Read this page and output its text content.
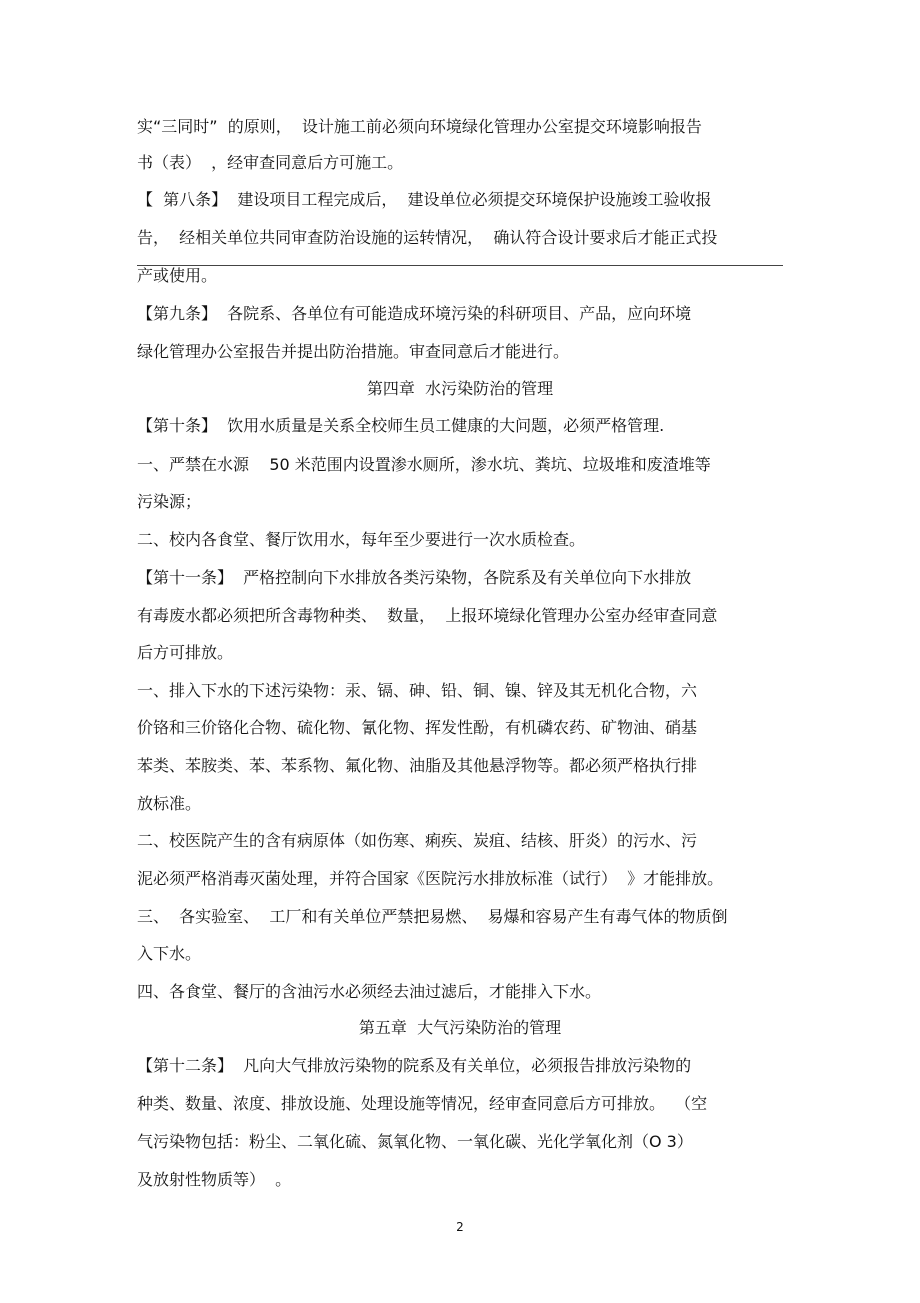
实“三同时”  的原则，  设计施工前必须向环境绿化管理办公室提交环境影响报告

书（表）  ，经审查同意后方可施工。

【  第八条】  建设项目工程完成后，  建设单位必须提交环境保护设施竣工验收报

告，  经相关单位共同审查防治设施的运转情况，  确认符合设计要求后才能正式投

产或使用。

【第九条】  各院系、各单位有可能造成环境污染的科研项目、产品，应向环境

绿化管理办公室报告并提出防治措施。审查同意后才能进行。

第四章  水污染防治的管理

【第十条】  饮用水质量是关系全校师生员工健康的大问题，必须严格管理.

一、严禁在水源    50 米范围内设置渗水厕所，渗水坑、粪坑、垃圾堆和废渣堆等

污染源；

二、校内各食堂、餐厅饮用水，每年至少要进行一次水质检查。

【第十一条】  严格控制向下水排放各类污染物，各院系及有关单位向下水排放

有毒废水都必须把所含毒物种类、  数量，  上报环境绿化管理办公室办经审查同意

后方可排放。

一、排入下水的下述污染物：汞、镉、砷、铅、铜、镍、锌及其无机化合物，六

价铬和三价铬化合物、硫化物、氰化物、挥发性酚，有机磷农药、矿物油、硝基

苯类、苯胺类、苯、苯系物、氟化物、油脂及其他悬浮物等。都必须严格执行排

放标准。

二、校医院产生的含有病原体（如伤寒、痢疾、炭疽、结核、肝炎）的污水、污

泥必须严格消毒灭菌处理，并符合国家《医院污水排放标准（试行）  》才能排放。

三、  各实验室、  工厂和有关单位严禁把易燃、  易爆和容易产生有毒气体的物质倒

入下水。

四、各食堂、餐厅的含油污水必须经去油过滤后，才能排入下水。

第五章  大气污染防治的管理

【第十二条】  凡向大气排放污染物的院系及有关单位，必须报告排放污染物的

种类、数量、浓度、排放设施、处理设施等情况，经审查同意后方可排放。  （空

气污染物包括：粉尘、二氧化硫、氮氧化物、一氧化碳、光化学氧化剂（O 3）

及放射性物质等）  。

2
